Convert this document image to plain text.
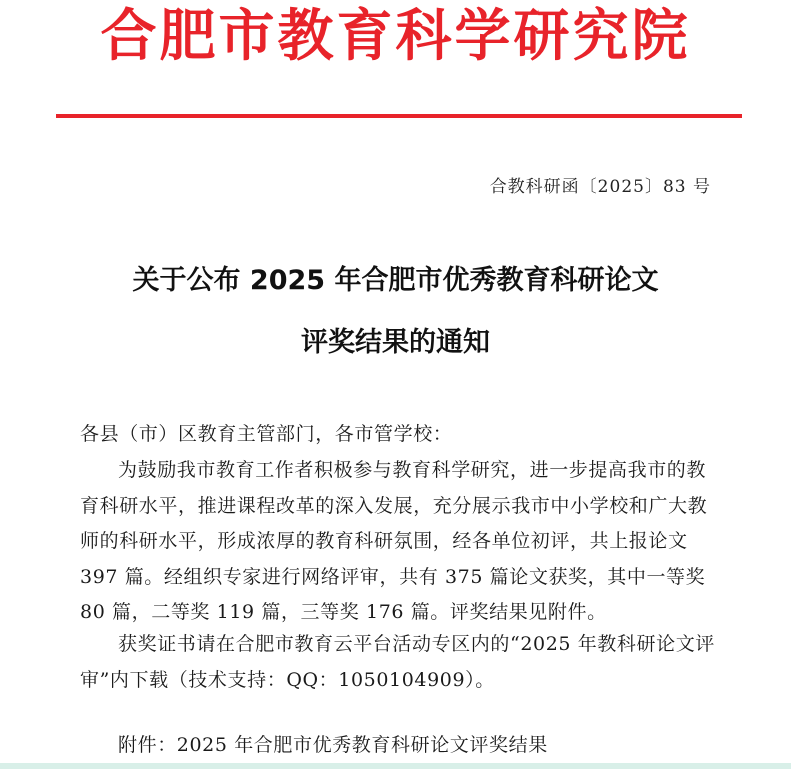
合肥市教育科学研究院
合教科研函〔2025〕83 号
关于公布 2025 年合肥市优秀教育科研论文
评奖结果的通知
各县（市）区教育主管部门，各市管学校：
为鼓励我市教育工作者积极参与教育科学研究，进一步提高我市的教育科研水平，推进课程改革的深入发展，充分展示我市中小学校和广大教师的科研水平，形成浓厚的教育科研氛围，经各单位初评，共上报论文 397 篇。经组织专家进行网络评审，共有 375 篇论文获奖，其中一等奖 80 篇，二等奖 119 篇，三等奖 176 篇。评奖结果见附件。
获奖证书请在合肥市教育云平台活动专区内的“2025 年教科研论文评审”内下载（技术支持：QQ：1050104909）。
附件：2025 年合肥市优秀教育科研论文评奖结果
